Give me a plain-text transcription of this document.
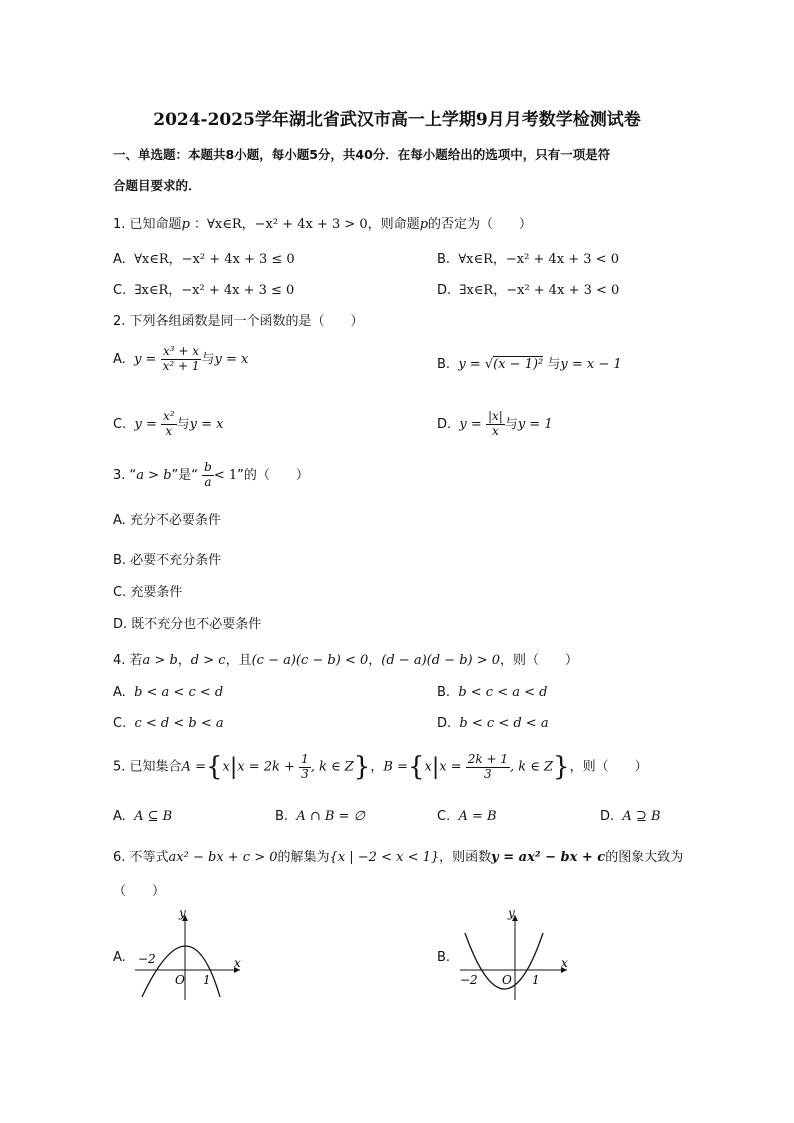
2024-2025学年湖北省武汉市高一上学期9月月考数学检测试卷
一、单选题：本题共8小题，每小题5分，共40分．在每小题给出的选项中，只有一项是符
合题目要求的．
1. 已知命题p ：∀x∈R，−x² + 4x + 3 > 0，则命题p的否定为（　　）
A. ∀x∈R，−x² + 4x + 3 ≤ 0	B. ∀x∈R，−x² + 4x + 3 < 0
C. ∃x∈R，−x² + 4x + 3 ≤ 0	D. ∃x∈R，−x² + 4x + 3 < 0
2. 下列各组函数是同一个函数的是（　　）
A. $y = \frac{\text{x³ + x}}{\text{x² + 1}}$ 与y = x	B. y = √(x − 1)² 与y = x − 1
C. $y = \frac{\text{x²}}{x}$ 与y = x	D. $y = \frac{|x|}{x}$ 与y = 1
3. “a > b”是“ $\frac{b}{a} < 1$”的（　　）
A. 充分不必要条件
B. 必要不充分条件
C. 充要条件
D. 既不充分也不必要条件
4. 若a > b，d > c，且(c − a)(c − b) < 0，(d − a)(d − b) > 0，则（　　）
A. b < a < c < d	B. b < c < a < d
C. c < d < b < a	D. b < c < d < a
5. 已知集合$A =\{x|x = 2k + \frac{1}{3}$ , k ∈ Z}，$B =\{x|x = \frac{2k + 1}{3}$ , k ∈ Z}，则（　　）
A. A ⊆ B	B. A ∩ B = ∅	C. A = B	D. A ⊇ B
6. 不等式ax² − bx + c > 0的解集为{x | −2 < x < 1}，则函数y = ax² − bx + c的图象大致为
（　　）
A.
y
x
O
−2
1
B.
y
x
O
−2	1
